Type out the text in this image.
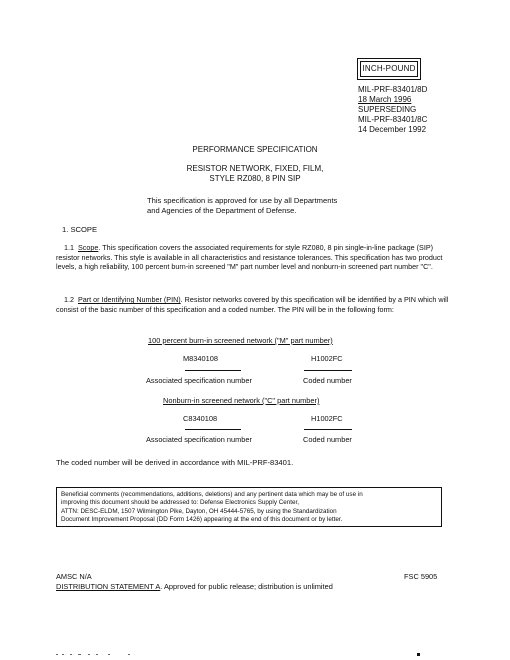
INCH-POUND
MIL-PRF-83401/8D
18 March 1996
SUPERSEDING
MIL-PRF-83401/8C
14 December 1992
PERFORMANCE SPECIFICATION
RESISTOR NETWORK, FIXED, FILM,
STYLE RZ080, 8 PIN SIP
This specification is approved for use by all Departments
and Agencies of the Department of Defense.
1. SCOPE
1.1 Scope. This specification covers the associated requirements for style RZ080, 8 pin single-in-line package (SIP) resistor networks. This style is available in all characteristics and resistance tolerances. This specification has two product levels, a high reliability, 100 percent burn-in screened "M" part number level and nonburn-in screened part number "C".
1.2 Part or Identifying Number (PIN). Resistor networks covered by this specification will be identified by a PIN which will consist of the basic number of this specification and a coded number. The PIN will be in the following form:
100 percent burn-in screened network ("M" part number)
M8340108	H1002FC
Associated specification number	Coded number
Nonburn-in screened network ("C" part number)
C8340108	H1002FC
Associated specification number	Coded number
The coded number will be derived in accordance with MIL-PRF-83401.
Beneficial comments (recommendations, additions, deletions) and any pertinent data which may be of use in
improving this document should be addressed to: Defense Electronics Supply Center,
ATTN: DESC-ELDM, 1507 Wilmington Pike, Dayton, OH 45444-5765, by using the Standardization
Document Improvement Proposal (DD Form 1426) appearing at the end of this document or by letter.
AMSC N/A	FSC 5905
DISTRIBUTION STATEMENT A. Approved for public release; distribution is unlimited
